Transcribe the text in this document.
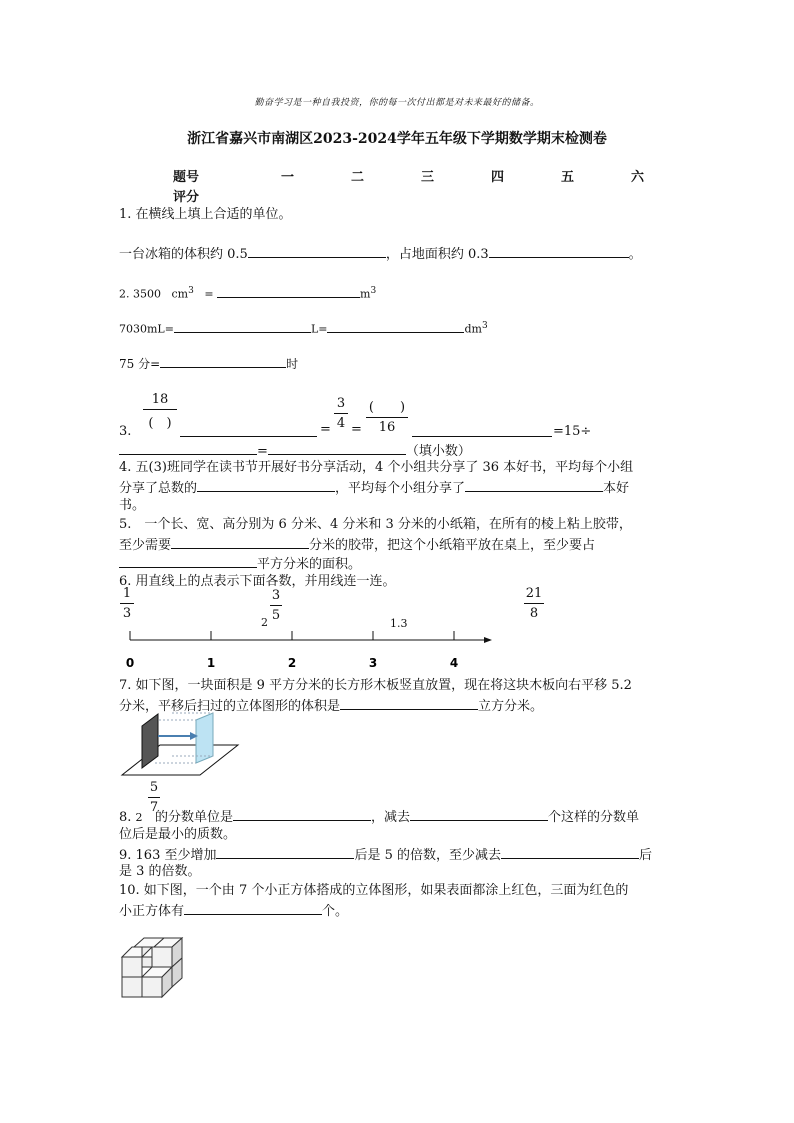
勤奋学习是一种自我投资，你的每一次付出都是对未来最好的储备。
浙江省嘉兴市南湖区2023-2024学年五年级下学期数学期末检测卷
题号	一	二	三	四	五	六
评分
1. 在横线上填上合适的单位。
一台冰箱的体积约 0.5	，占地面积约 0.3	。
2. 3500 $cm^3$ =	$m^3$
7030mL=	L=	$dm^3$
75 分=	时
18
(　)
3
4
(　　)
16
3.	= =	=15÷
=	（填小数）
4. 五(3)班同学在读书节开展好书分享活动，4 个小组共分享了 36 本好书，平均每个小组
分享了总数的	，平均每个小组分享了	本好
书。
5.　一个长、宽、高分别为 6 分米、4 分米和 3 分米的小纸箱，在所有的棱上粘上胶带，
至少需要	分米的胶带，把这个小纸箱平放在桌上，至少要占
平方分米的面积。
6. 用直线上的点表示下面各数，并用线连一连。
1
3
2
3
5
1.3
21
8
0	1	2	3	4
7. 如下图，一块面积是 9 平方分米的长方形木板竖直放置，现在将这块木板向右平移 5.2
分米，平移后扫过的立体图形的体积是	立方分米。
5
7
8. 2 的分数单位是	，减去	个这样的分数单
位后是最小的质数。
9. 163 至少增加	后是 5 的倍数，至少减去	后
是 3 的倍数。
10. 如下图，一个由 7 个小正方体搭成的立体图形，如果表面都涂上红色，三面为红色的
小正方体有	个。
